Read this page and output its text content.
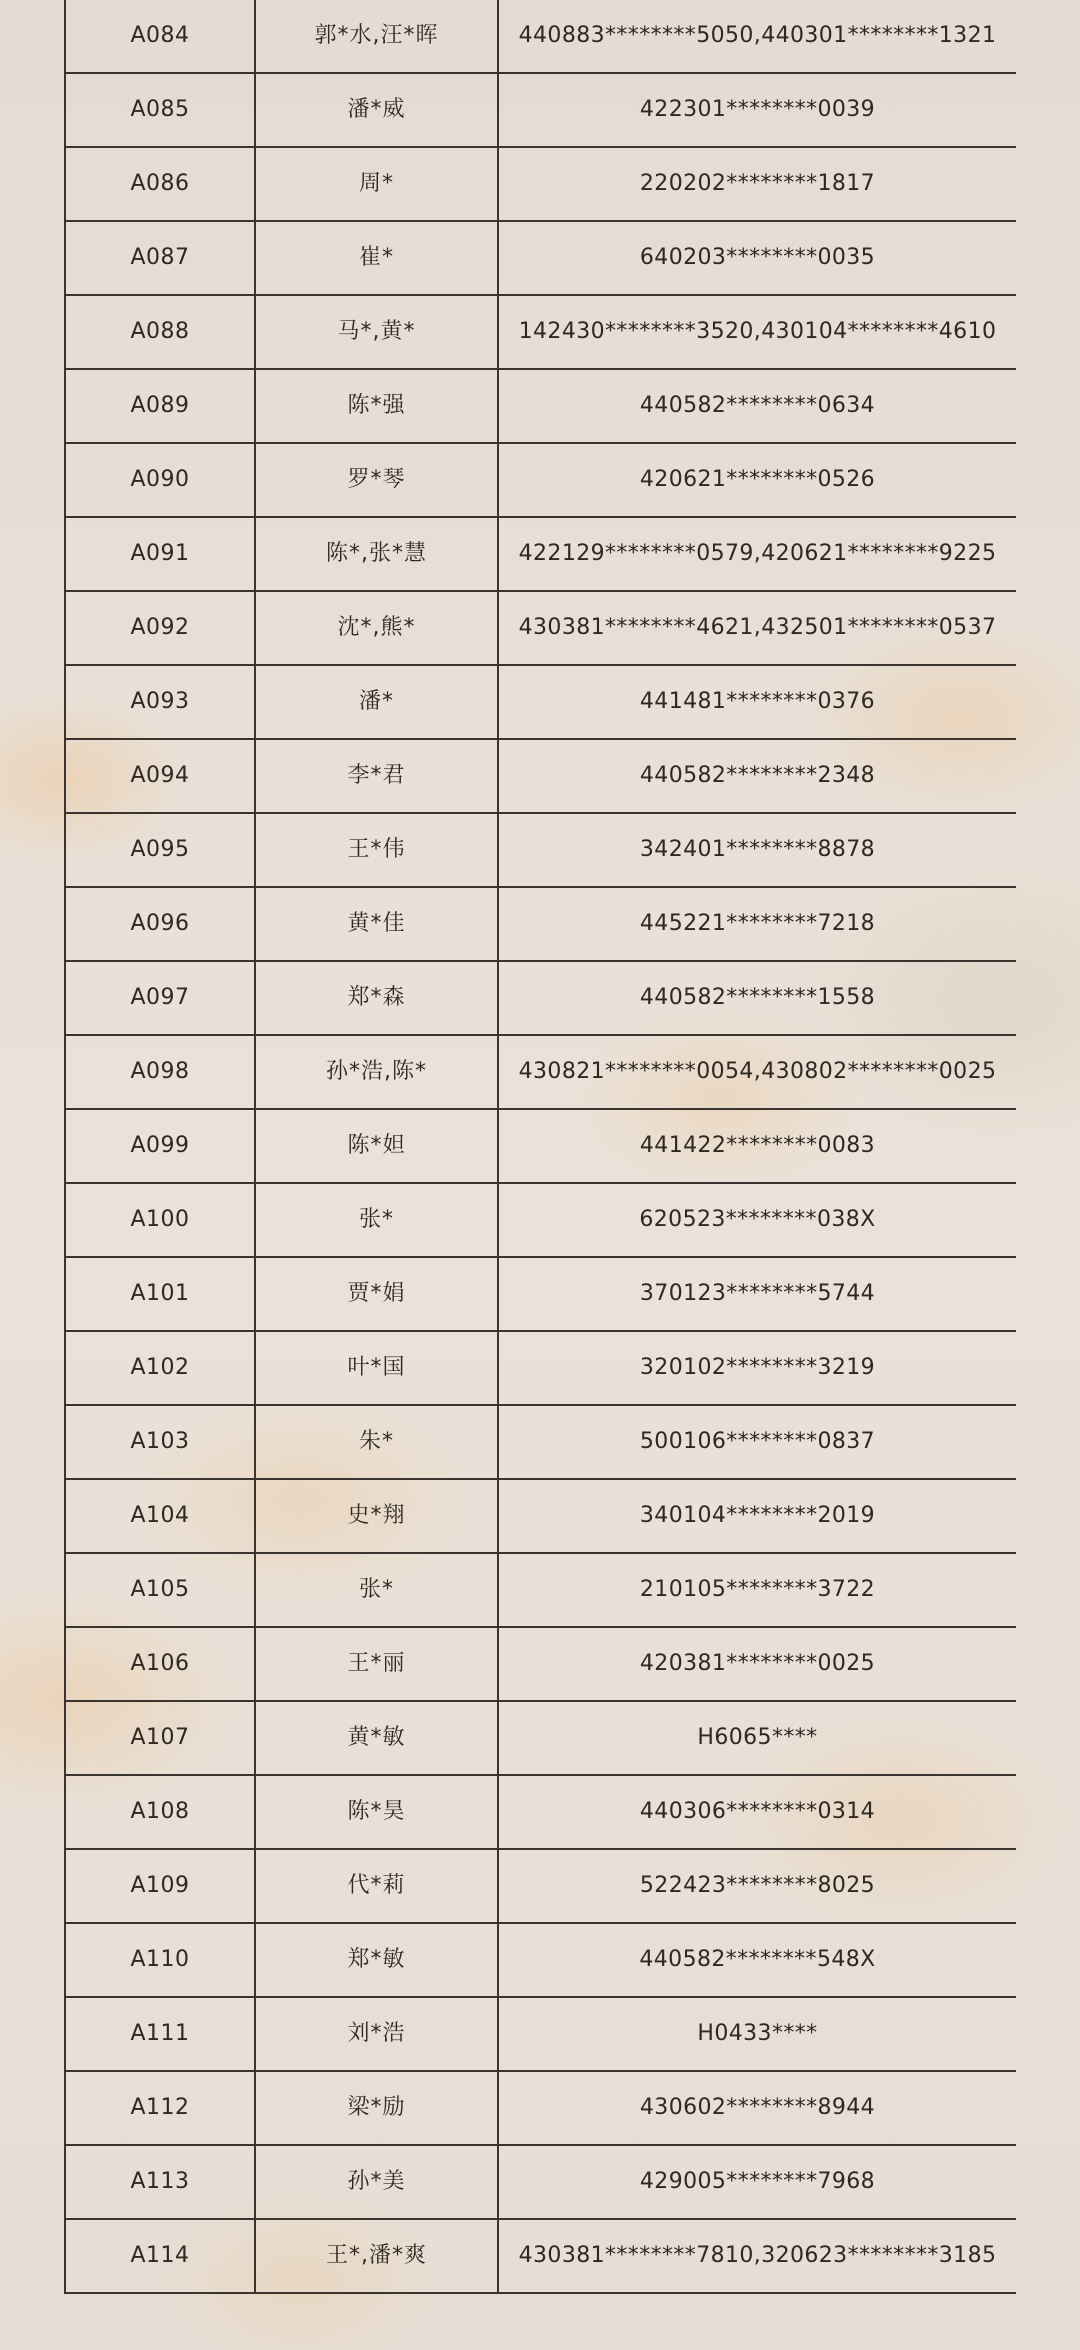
A084	郭*水,汪*晖	440883********5050,440301********1321
A085	潘*威	422301********0039
A086	周*	220202********1817
A087	崔*	640203********0035
A088	马*,黄*	142430********3520,430104********4610
A089	陈*强	440582********0634
A090	罗*琴	420621********0526
A091	陈*,张*慧	422129********0579,420621********9225
A092	沈*,熊*	430381********4621,432501********0537
A093	潘*	441481********0376
A094	李*君	440582********2348
A095	王*伟	342401********8878
A096	黄*佳	445221********7218
A097	郑*森	440582********1558
A098	孙*浩,陈*	430821********0054,430802********0025
A099	陈*妲	441422********0083
A100	张*	620523********038X
A101	贾*娟	370123********5744
A102	叶*国	320102********3219
A103	朱*	500106********0837
A104	史*翔	340104********2019
A105	张*	210105********3722
A106	王*丽	420381********0025
A107	黄*敏	H6065****
A108	陈*昊	440306********0314
A109	代*莉	522423********8025
A110	郑*敏	440582********548X
A111	刘*浩	H0433****
A112	梁*励	430602********8944
A113	孙*美	429005********7968
A114	王*,潘*爽	430381********7810,320623********3185
